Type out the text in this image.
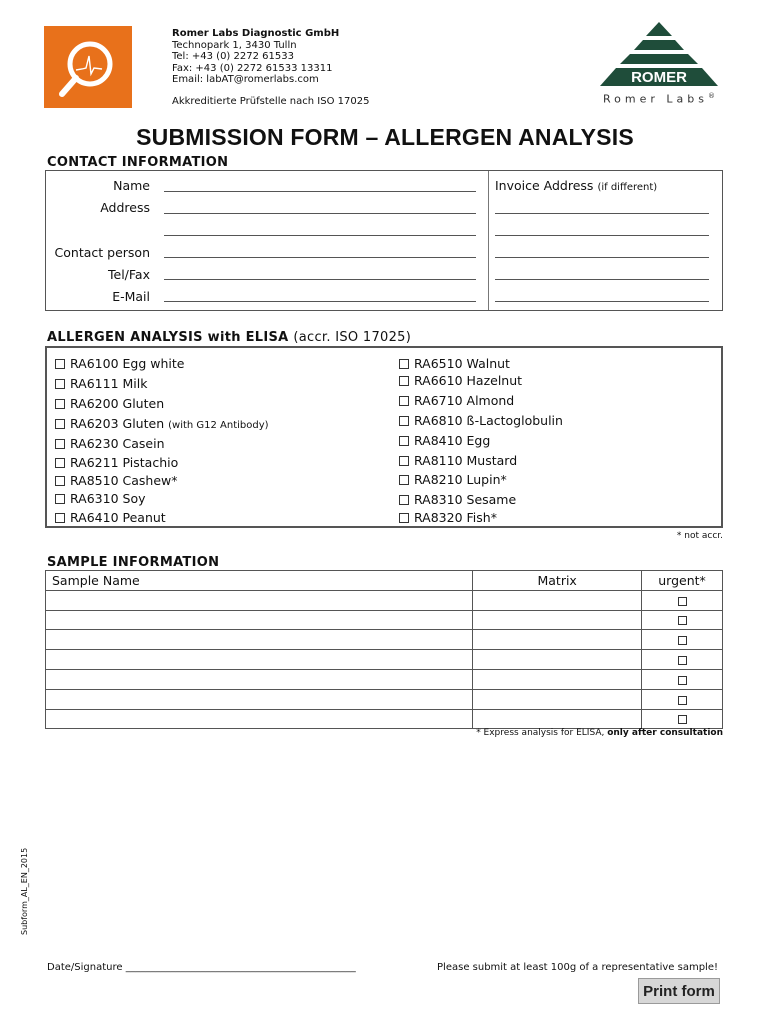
Romer Labs Diagnostic GmbH
Technopark 1, 3430 Tulln
Tel: +43 (0) 2272 61533
Fax: +43 (0) 2272 61533 13311
Email: labAT@romerlabs.com
Akkreditierte Prüfstelle nach ISO 17025
ROMER
Romer Labs®
SUBMISSION FORM – ALLERGEN ANALYSIS
CONTACT INFORMATION
Name
Address
Contact person
Tel/Fax
E-Mail
Invoice Address (if different)
ALLERGEN ANALYSIS with ELISA (accr. ISO 17025)
RA6100 Egg white
RA6111 Milk
RA6200 Gluten
RA6203 Gluten (with G12 Antibody)
RA6230 Casein
RA6211 Pistachio
RA8510 Cashew*
RA6310 Soy
RA6410 Peanut
RA6510 Walnut
RA6610 Hazelnut
RA6710 Almond
RA6810 ß-Lactoglobulin
RA8410 Egg
RA8110 Mustard
RA8210 Lupin*
RA8310 Sesame
RA8320 Fish*
* not accr.
SAMPLE INFORMATION
Sample Name	Matrix	urgent*

* Express analysis for ELISA, only after consultation
Subform_AL_EN_2015
Date/Signature ______________________________________________	Please submit at least 100g of a representative sample!
Print form
